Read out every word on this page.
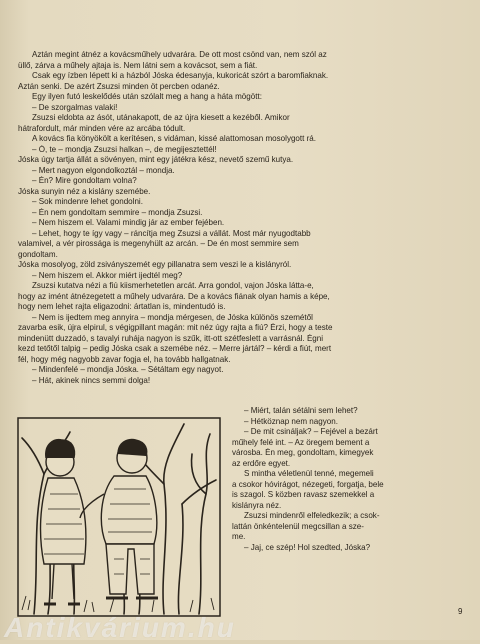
Aztán megint átnéz a kovácsműhely udvarára. De ott most csönd van, nem szól az

üllő, zárva a műhely ajtaja is. Nem látni sem a kovácsot, sem a fiát.

Csak egy ízben lépett ki a házból Jóska édesanyja, kukoricát szórt a baromfiaknak.

Aztán senki. De azért Zsuzsi minden öt percben odanéz.

Egy ilyen futó leskelődés után szólalt meg a hang a háta mögött:

– De szorgalmas valaki!

Zsuzsi eldobta az ásót, utánakapott, de az újra kiesett a kezéből. Amikor

hátrafordult, már minden vére az arcába tódult.

A kovács fia könyökölt a kerítésen, s vidáman, kissé alattomosan mosolygott rá.

– Ó, te – mondja Zsuzsi halkan –, de megijesztettél!

Jóska úgy tartja állát a sövényen, mint egy játékra kész, nevető szemű kutya.

– Mert nagyon elgondolkoztál – mondja.

– Én? Mire gondoltam volna?

Jóska sunyin néz a kislány szemébe.

– Sok mindenre lehet gondolni.

– Én nem gondoltam semmire – mondja Zsuzsi.

– Nem hiszem el. Valami mindig jár az ember fejében.

– Lehet, hogy te így vagy – ráncítja meg Zsuzsi a vállát. Most már nyugodtabb

valamivel, a vér pirossága is megenyhült az arcán. – De én most semmire sem

gondoltam.

Jóska mosolyog, zöld zsiványszemét egy pillanatra sem veszi le a kislányról.

– Nem hiszem el. Akkor miért ijedtél meg?

Zsuzsi kutatva nézi a fiú kiismerhetetlen arcát. Arra gondol, vajon Jóska látta-e,

hogy az imént átnézegetett a műhely udvarára. De a kovács fiának olyan hamis a képe,

hogy nem lehet rajta eligazodni: ártatlan is, mindentudó is.

– Nem is ijedtem meg annyira – mondja mérgesen, de Jóska különös szemétől

zavarba esik, újra elpirul, s végigpillant magán: mit néz úgy rajta a fiú? Érzi, hogy a teste

mindenütt duzzadó, s tavalyi ruhája nagyon is szűk, itt-ott szétfeslett a varrásnál. Égni

kezd tetőtől talpig – pedig Jóska csak a szemébe néz. – Merre jártál? – kérdi a fiút, mert

fél, hogy még nagyobb zavar fogja el, ha tovább hallgatnak.

– Mindenfelé – mondja Jóska. – Sétáltam egy nagyot.

– Hát, akinek nincs semmi dolga!

– Miért, talán sétálni sem lehet?

– Hétköznap nem nagyon.

– De mit csináljak? – Fejével a bezárt

műhely felé int. – Az öregem bement a

városba. Én meg, gondoltam, kimegyek

az erdőre egyet.

S mintha véletlenül tenné, megemeli

a csokor hóvirágot, nézegeti, forgatja, bele

is szagol. S közben ravasz szemekkel a

kislányra néz.

Zsuzsi mindenről elfeledkezik; a csok-

lattán önkéntelenül megcsillan a sze-

me.

– Jaj, ce szép! Hol szedted, Jóska?

9
Antikvárium.hu
